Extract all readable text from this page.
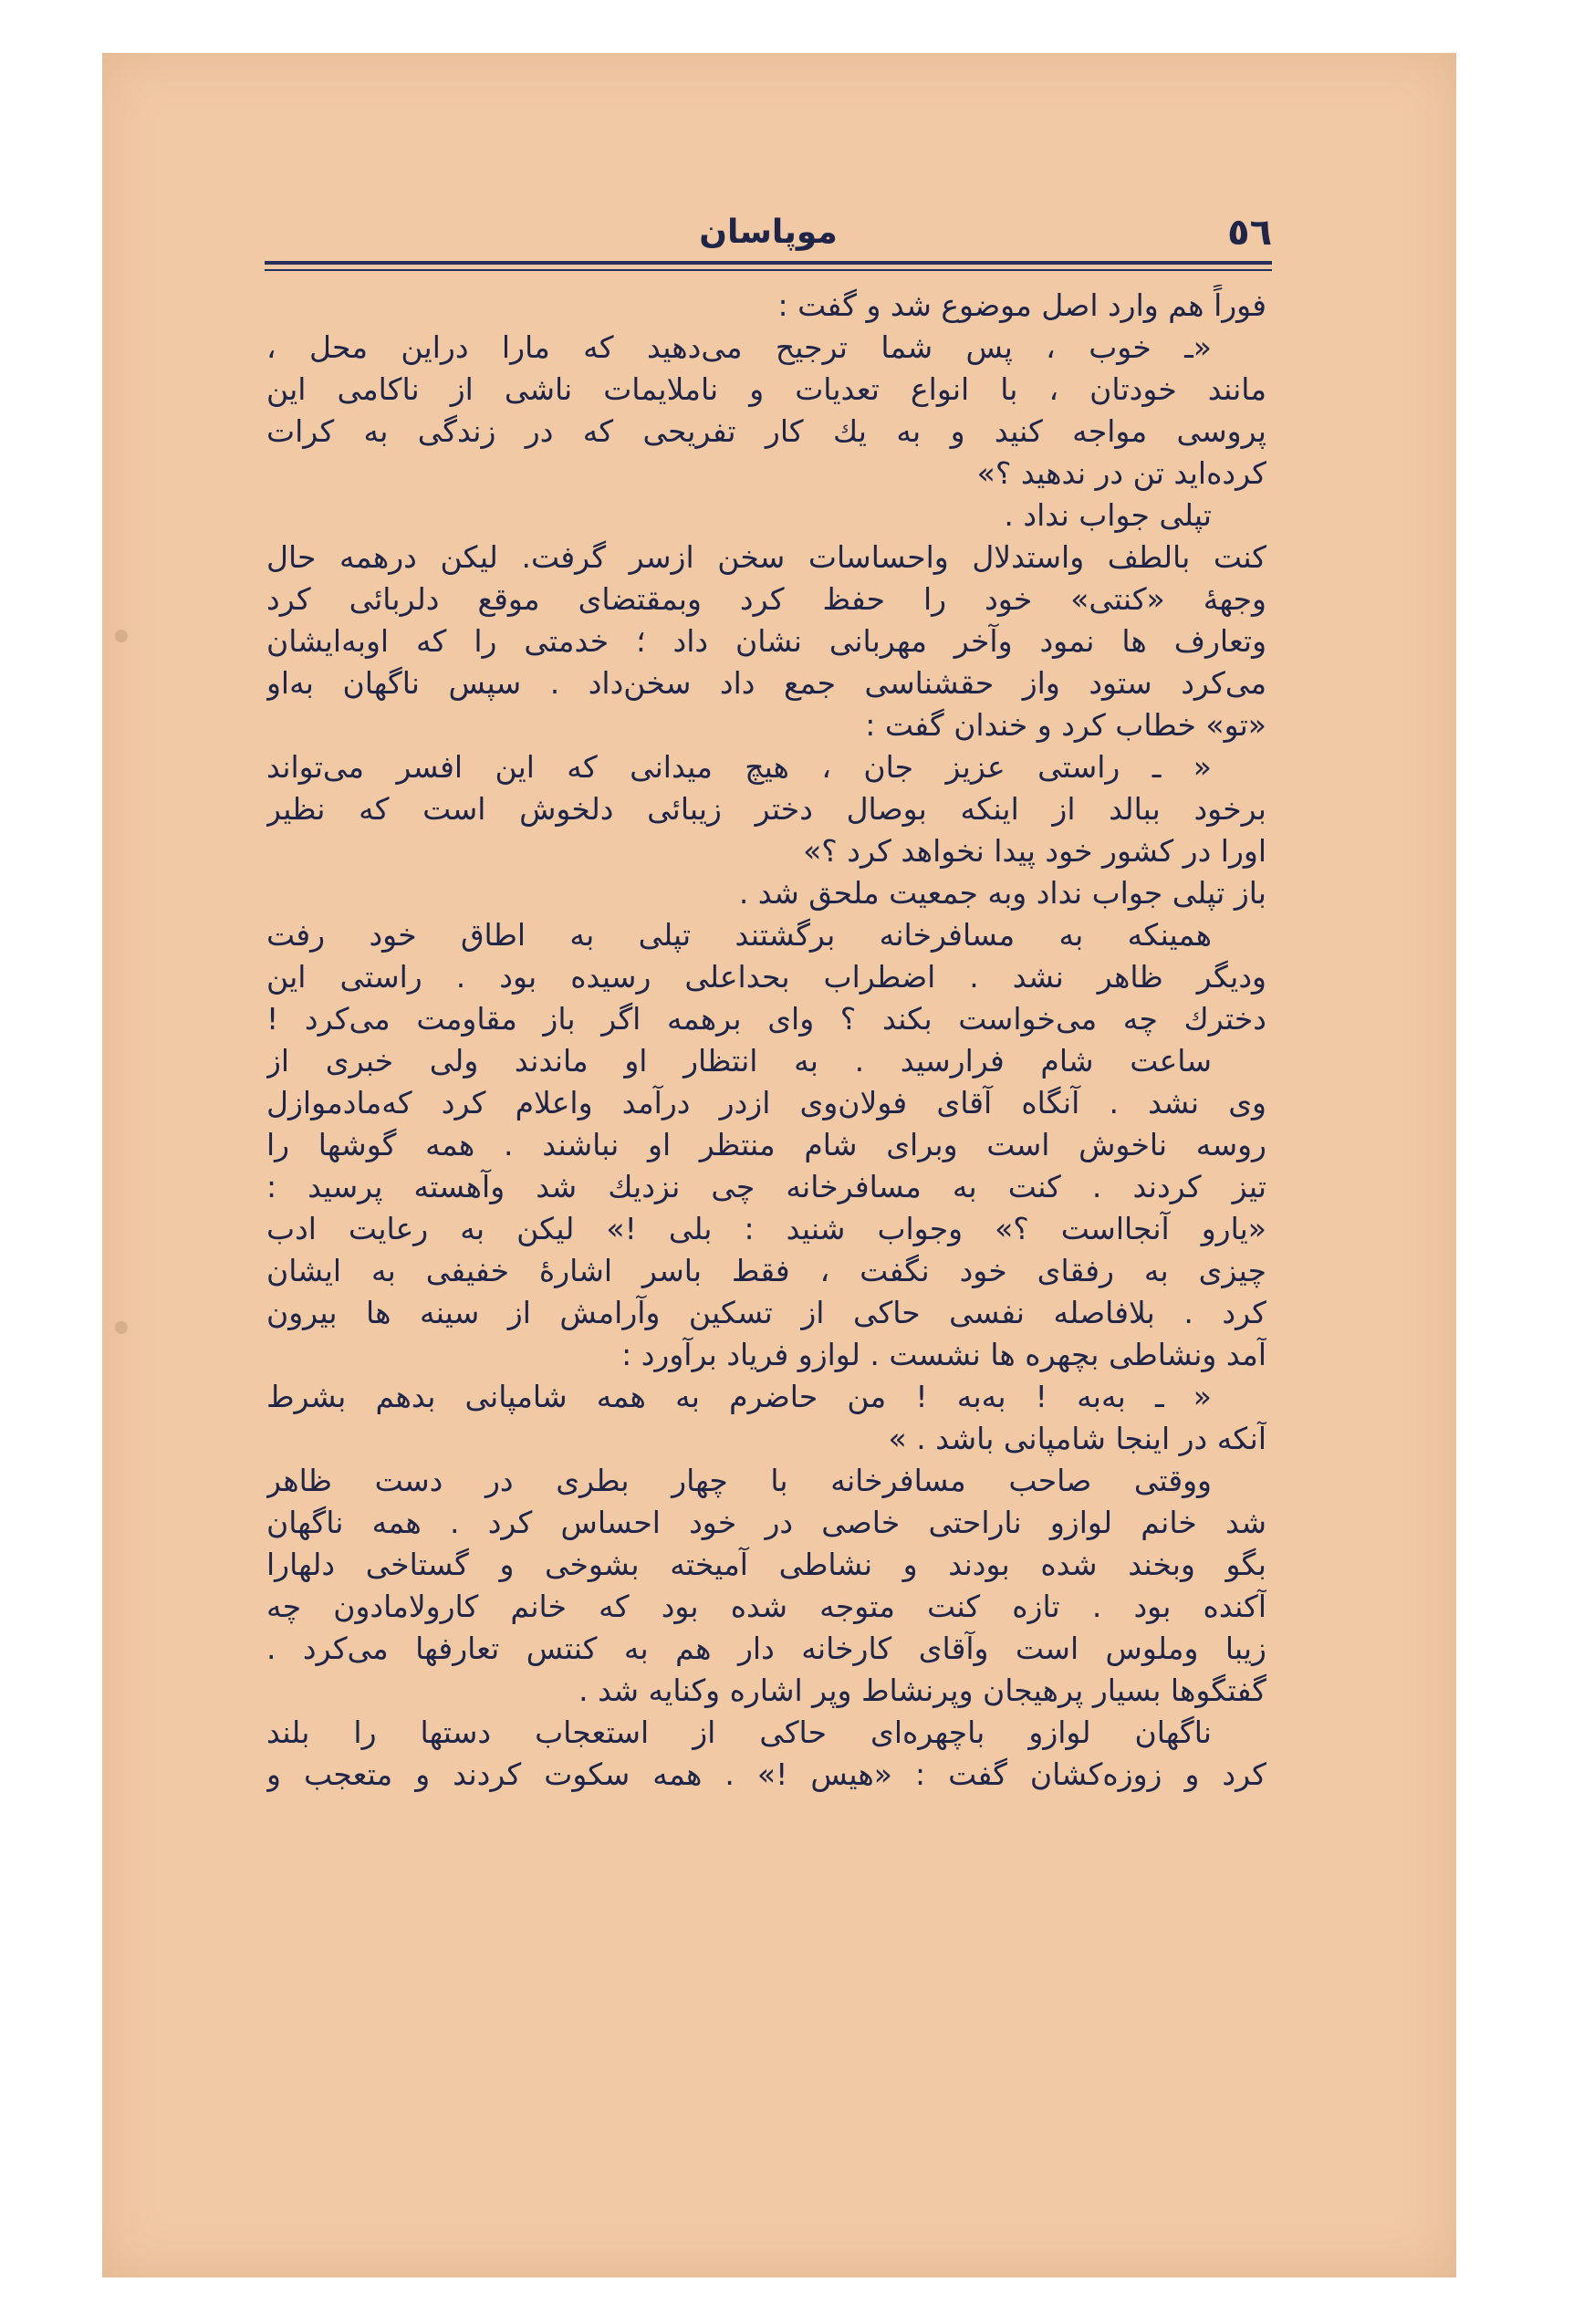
٥٦
موپاسان
فوراً هم وارد اصل موضوع شد و گفت :
«ـ خوب ، پس شما ترجیح می‌دهید که مارا دراین محل ،
مانند خودتان ، با انواع تعدیات و ناملایمات ناشی از ناکامی این
پروسی مواجه کنید و به یك کار تفریحی که در زندگی به کرات
کرده‌اید تن در ندهید ؟»
تپلی جواب نداد .
کنت بالطف واستدلال واحساسات سخن ازسر گرفت. لیکن درهمه حال
وجههٔ «کنتی» خود را حفظ کرد وبمقتضای موقع دلربائی کرد
وتعارف ها نمود وآخر مهربانی نشان داد ؛ خدمتی را که اوبه‌ایشان
می‌کرد ستود واز حقشناسی جمع داد سخن‌داد . سپس ناگهان به‌او
«تو» خطاب کرد و خندان گفت :
« ـ راستی عزیز جان ، هیچ میدانی که این افسر می‌تواند
برخود ببالد از اینکه بوصال دختر زیبائی دلخوش است که نظیر
اورا در کشور خود پیدا نخواهد کرد ؟»
باز تپلی جواب نداد وبه جمعیت ملحق شد .
همینکه به مسافرخانه برگشتند تپلی به اطاق خود رفت
وديگر ظاهر نشد . اضطراب بحداعلی رسیده بود . راستی این
دخترك چه می‌خواست بکند ؟ وای برهمه اگر باز مقاومت می‌کرد !
ساعت شام فرارسید . به انتظار او ماندند ولی خبری از
وی نشد . آنگاه آقای فولان‌وی ازدر درآمد واعلام کرد که‌مادموازل
روسه ناخوش است وبرای شام منتظر او نباشند . همه گوشها را
تیز کردند . کنت به مسافرخانه چی نزدیك شد وآهسته پرسید :
«یارو آنجااست ؟» وجواب شنید : بلی !» لیکن به رعایت ادب
چیزی به رفقای خود نگفت ، فقط باسر اشارهٔ خفیفی به ایشان
کرد . بلافاصله نفسی حاکی از تسکین وآرامش از سینه ها بیرون
آمد ونشاطی بچهره ها نشست . لوازو فریاد برآورد :
« ـ به‌به ! به‌به ! من حاضرم به همه شامپانی بدهم بشرط
آنکه در اینجا شامپانی باشد . »
ووقتی صاحب مسافرخانه با چهار بطری در دست ظاهر
شد خانم لوازو ناراحتی خاصی در خود احساس کرد . همه ناگهان
بگو وبخند شده بودند و نشاطی آمیخته بشوخی و گستاخی دلهارا
آکنده بود . تازه کنت متوجه شده بود که خانم کارولامادون چه
زیبا وملوس است وآقای کارخانه دار هم به کنتس تعارفها می‌کرد .
گفتگوها بسیار پرهیجان وپرنشاط وپر اشاره وکنایه شد .
ناگهان لوازو باچهره‌ای حاکی از استعجاب دستها را بلند
کرد و زوزه‌کشان گفت : «هیس !» . همه سکوت کردند و متعجب و
